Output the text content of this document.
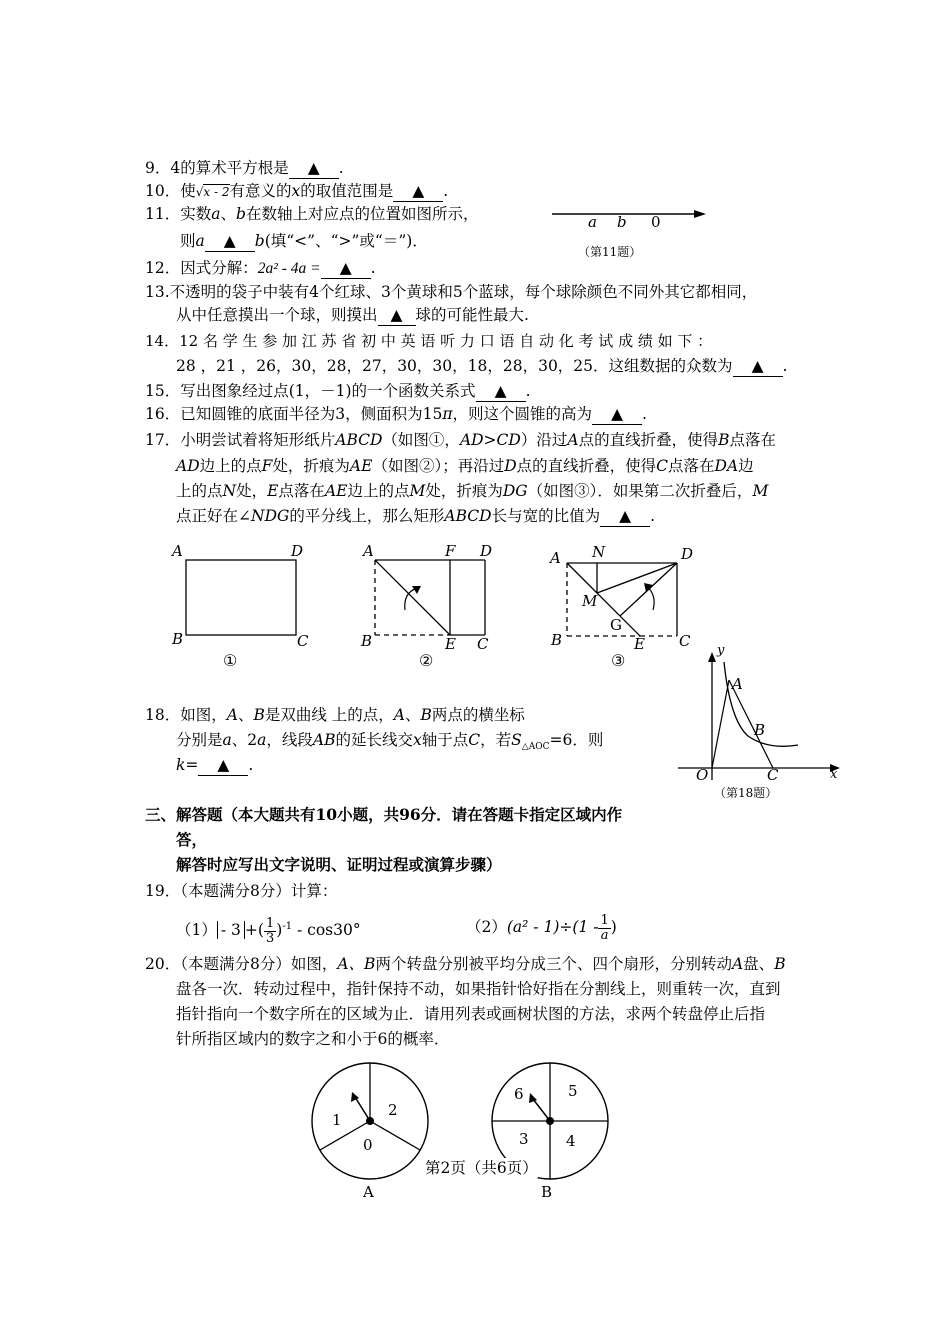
9．4的算术平方根是 ▲ .
10．使√x - 2有意义的x的取值范围是 ▲ .
11．实数a、b在数轴上对应点的位置如图所示，
则a ▲ b(填“<”、“>”或“＝”)．
a b 0
（第11题）
12．因式分解：2a² - 4a = ▲ .
13.不透明的袋子中装有4个红球、3个黄球和5个蓝球，每个球除颜色不同外其它都相同，
从中任意摸出一个球，则摸出 ▲ 球的可能性最大.
14．12 名 学 生 参 加 江 苏 省 初 中 英 语 听 力 口 语 自 动 化 考 试 成 绩 如 下 ：
28 ，21 ，26，30，28，27，30，30，18，28，30，25．这组数据的众数为 ▲ .
15．写出图象经过点(1，－1)的一个函数关系式 ▲ .
16．已知圆锥的底面半径为3，侧面积为15π，则这个圆锥的高为 ▲ .
17．小明尝试着将矩形纸片ABCD（如图①，AD>CD）沿过A点的直线折叠，使得B点落在
AD边上的点F处，折痕为AE（如图②）；再沿过D点的直线折叠，使得C点落在DA边
上的点N处，E点落在AE边上的点M处，折痕为DG（如图③）．如果第二次折叠后，M
点正好在∠NDG的平分线上，那么矩形ABCD长与宽的比值为 ▲ .
A	D
B	C
①
A	F D
B	E C
②
A N	D
M
G
B	E C
③
y
A
B
O	C	x
（第18题）
18．如图，A、B是双曲线 上的点，A、B两点的横坐标
分别是a、2a，线段AB的延长线交x轴于点C，若$S_{\triangle AOC}=6$．则
k= ▲ .
三、解答题（本大题共有10小题，共96分．请在答题卡指定区域内作
答，
解答时应写出文字说明、证明过程或演算步骤）
19．（本题满分8分）计算：
（1） - 3 +( $\frac{1}{3} )^{-1} - \cos 30^\circ$	$(2)(a^2 - 1)\div(1 - \frac{1}{a}$ )
20．（本题满分8分）如图，A、B两个转盘分别被平均分成三个、四个扇形，分别转动A盘、B
盘各一次．转动过程中，指针保持不动，如果指针恰好指在分割线上，则重转一次，直到
指针指向一个数字所在的区域为止．请用列表或画树状图的方法，求两个转盘停止后指
针所指区域内的数字之和小于6的概率．
1
2
0
A
6	5
3 4
B
第2页（共6页）
